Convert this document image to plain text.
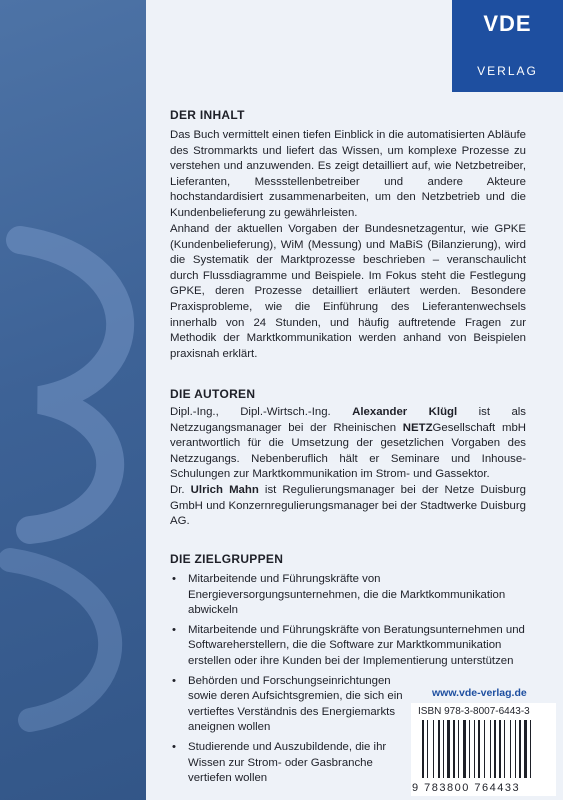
VDE
VERLAG
DER INHALT

Das Buch vermittelt einen tiefen Einblick in die automatisierten Abläufe des Strommarkts und liefert das Wissen, um komplexe Prozesse zu verstehen und anzuwenden. Es zeigt detailliert auf, wie Netzbetreiber, Lieferanten, Messstellenbetreiber und andere Akteure hochstandardisiert zusammenarbeiten, um den Netzbetrieb und die Kundenbelieferung zu gewährleisten.

Anhand der aktuellen Vorgaben der Bundesnetzagentur, wie GPKE (Kundenbelieferung), WiM (Messung) und MaBiS (Bilanzierung), wird die Systematik der Marktprozesse beschrieben – veranschaulicht durch Flussdiagramme und Beispiele. Im Fokus steht die Festlegung GPKE, deren Prozesse detailliert erläutert werden. Besondere Praxisprobleme, wie die Einführung des Lieferantenwechsels innerhalb von 24 Stunden, und häufig auftretende Fragen zur Methodik der Marktkommunikation werden anhand von Beispielen praxisnah erklärt.

DIE AUTOREN

Dipl.-Ing., Dipl.-Wirtsch.-Ing. Alexander Klügl ist als Netzzugangsmanager bei der Rheinischen NETZGesellschaft mbH verantwortlich für die Umsetzung der gesetzlichen Vorgaben des Netzzugangs. Nebenberuflich hält er Seminare und Inhouse-Schulungen zur Marktkommunikation im Strom- und Gassektor.

Dr. Ulrich Mahn ist Regulierungsmanager bei der Netze Duisburg GmbH und Konzernregulierungsmanager bei der Stadtwerke Duisburg AG.

DIE ZIELGRUPPEN
• Mitarbeitende und Führungskräfte von Energieversorgungsunternehmen, die die Marktkommunikation abwickeln
• Mitarbeitende und Führungskräfte von Beratungsunternehmen und Softwareherstellern, die die Software zur Marktkommunikation erstellen oder ihre Kunden bei der Implementierung unterstützen
• Behörden und Forschungseinrichtungen sowie deren Aufsichtsgremien, die sich ein vertieftes Verständnis des Energiemarkts aneignen wollen
• Studierende und Auszubildende, die ihr Wissen zur Strom- oder Gasbranche vertiefen wollen
www.vde-verlag.de
ISBN 978-3-8007-6443-3
9 783800 764433
